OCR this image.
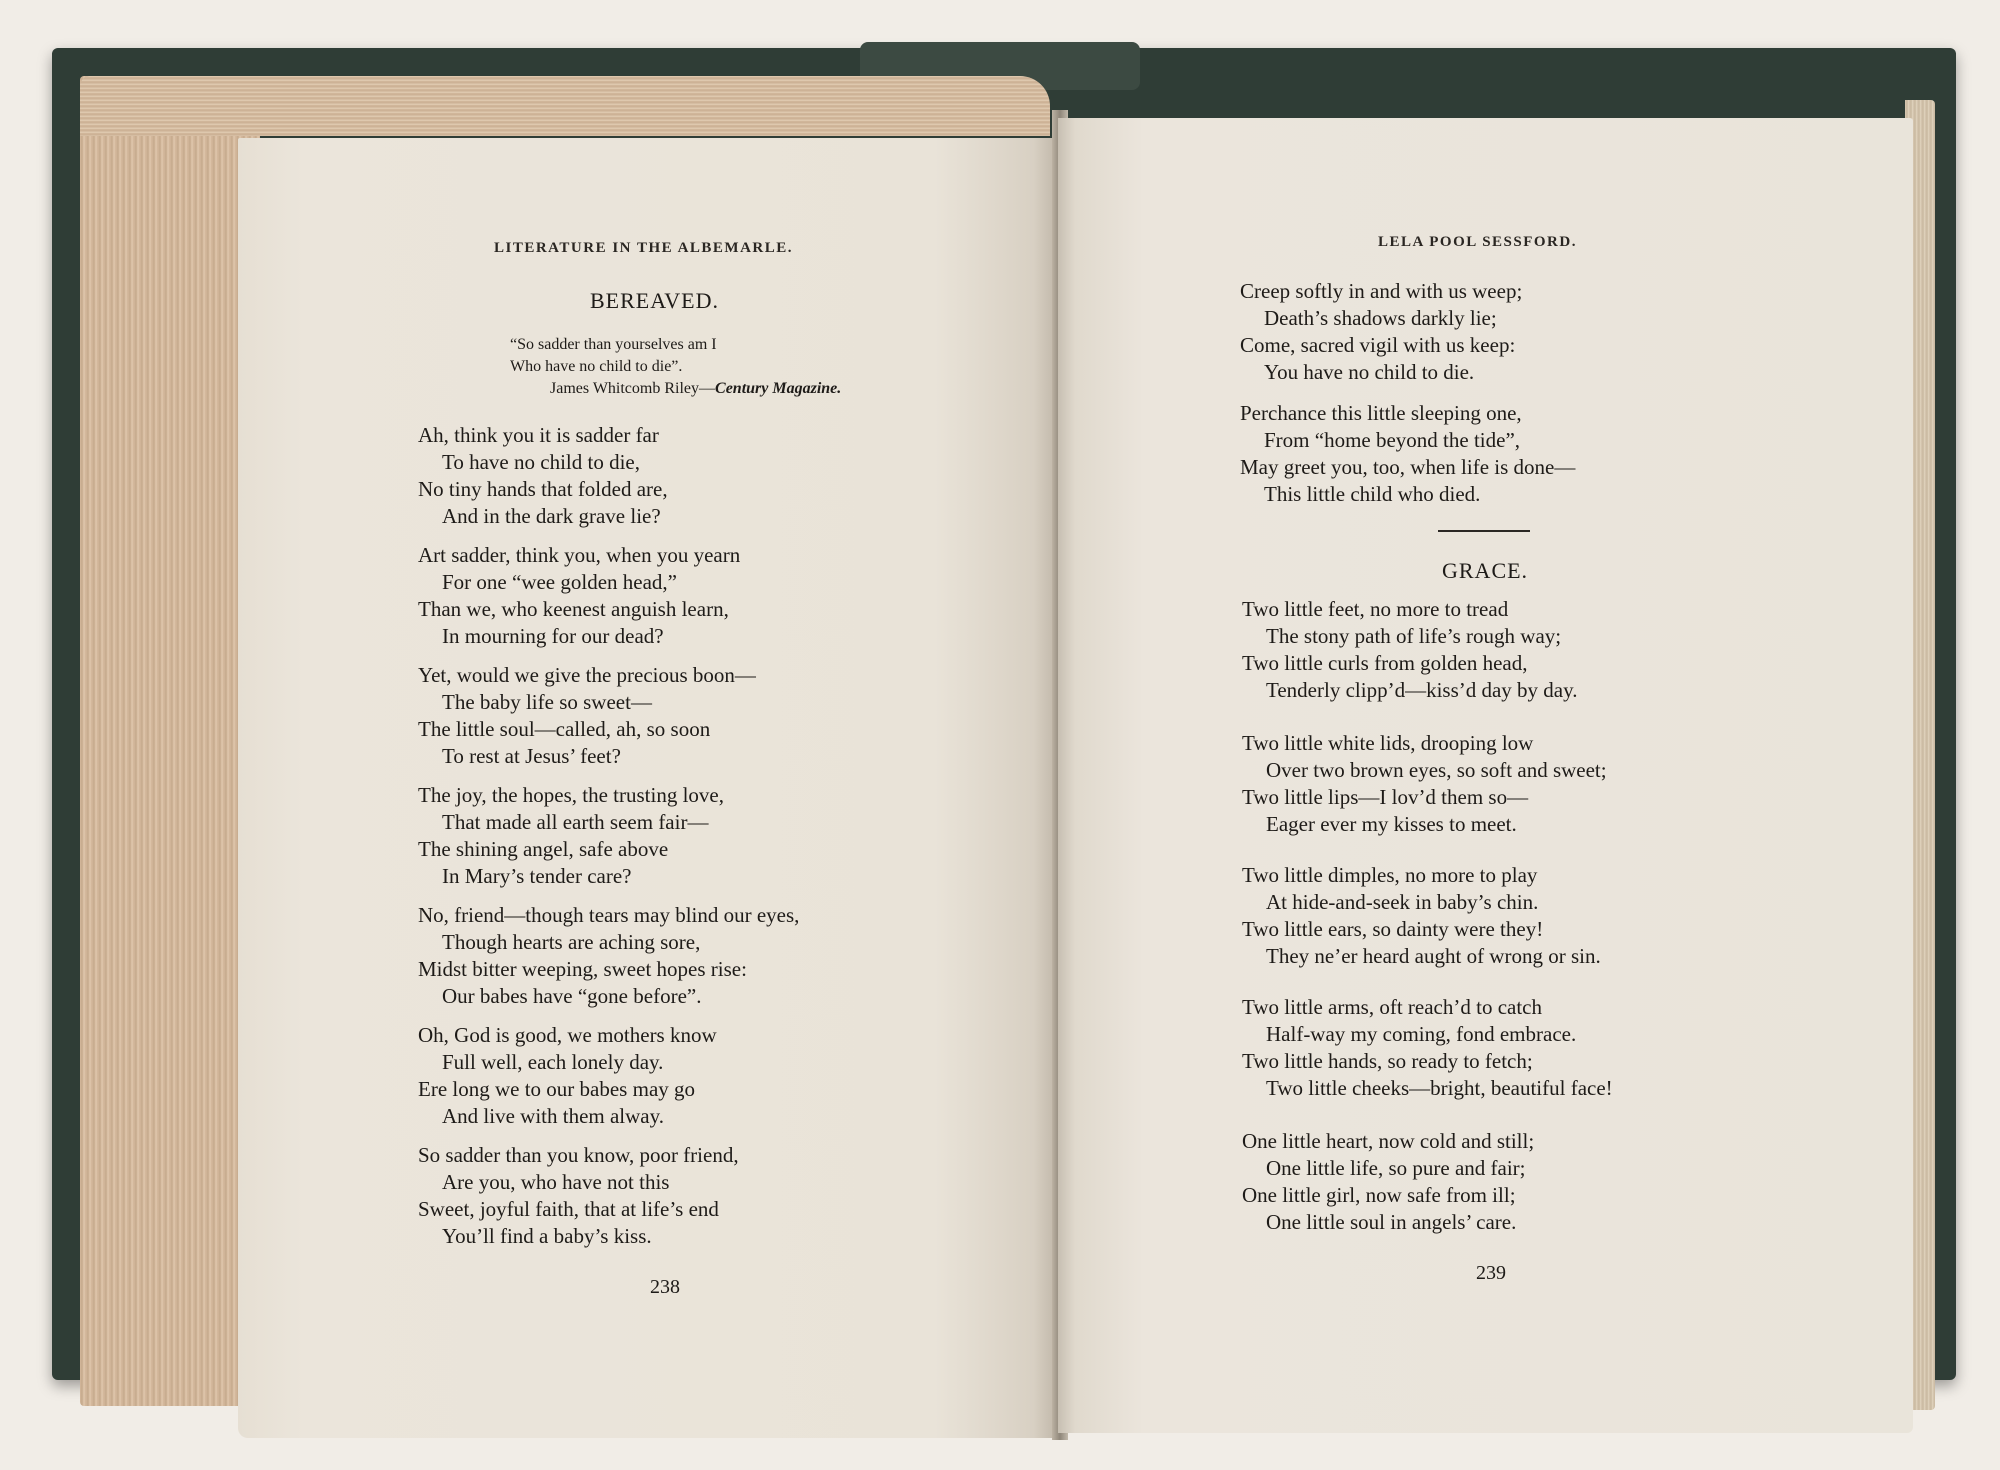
LITERATURE IN THE ALBEMARLE.
BEREAVED.
“So sadder than yourselves am I
Who have no child to die”.
James Whitcomb Riley—Century Magazine.
Ah, think you it is sadder far
To have no child to die,
No tiny hands that folded are,
And in the dark grave lie?
Art sadder, think you, when you yearn
For one “wee golden head,”
Than we, who keenest anguish learn,
In mourning for our dead?
Yet, would we give the precious boon—
The baby life so sweet—
The little soul—called, ah, so soon
To rest at Jesus’ feet?
The joy, the hopes, the trusting love,
That made all earth seem fair—
The shining angel, safe above
In Mary’s tender care?
No, friend—though tears may blind our eyes,
Though hearts are aching sore,
Midst bitter weeping, sweet hopes rise:
Our babes have “gone before”.
Oh, God is good, we mothers know
Full well, each lonely day.
Ere long we to our babes may go
And live with them alway.
So sadder than you know, poor friend,
Are you, who have not this
Sweet, joyful faith, that at life’s end
You’ll find a baby’s kiss.
238
LELA POOL SESSFORD.
Creep softly in and with us weep;
Death’s shadows darkly lie;
Come, sacred vigil with us keep:
You have no child to die.
Perchance this little sleeping one,
From “home beyond the tide”,
May greet you, too, when life is done—
This little child who died.
GRACE.
Two little feet, no more to tread
The stony path of life’s rough way;
Two little curls from golden head,
Tenderly clipp’d—kiss’d day by day.
Two little white lids, drooping low
Over two brown eyes, so soft and sweet;
Two little lips—I lov’d them so—
Eager ever my kisses to meet.
Two little dimples, no more to play
At hide-and-seek in baby’s chin.
Two little ears, so dainty were they!
They ne’er heard aught of wrong or sin.
Two little arms, oft reach’d to catch
Half-way my coming, fond embrace.
Two little hands, so ready to fetch;
Two little cheeks—bright, beautiful face!
One little heart, now cold and still;
One little life, so pure and fair;
One little girl, now safe from ill;
One little soul in angels’ care.
239
